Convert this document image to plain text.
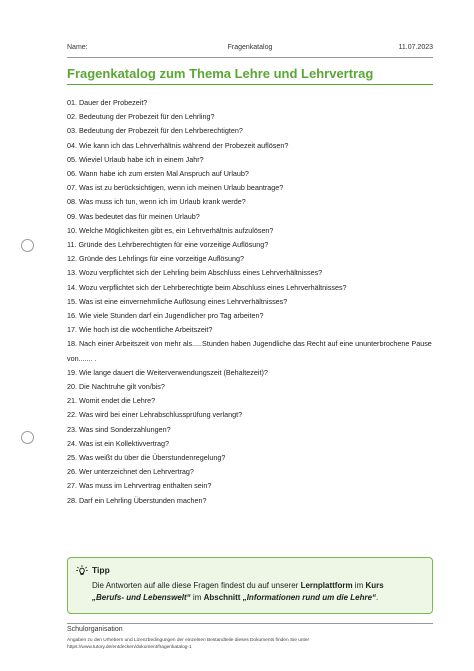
Name:	Fragenkatalog	11.07.2023
Fragenkatalog zum Thema Lehre und Lehrvertrag
01. Dauer der Probezeit?
02. Bedeutung der Probezeit für den Lehrling?
03. Bedeutung der Probezeit für den Lehrberechtigten?
04. Wie kann ich das Lehrverhältnis während der Probezeit auflösen?
05. Wieviel Urlaub habe ich in einem Jahr?
06. Wann habe ich zum ersten Mal Anspruch auf Urlaub?
07. Was ist zu berücksichtigen, wenn ich meinen Urlaub beantrage?
08. Was muss ich tun, wenn ich im Urlaub krank werde?
09. Was bedeutet das für meinen Urlaub?
10. Welche Möglichkeiten gibt es, ein Lehrverhältnis aufzulösen?
11. Gründe des Lehrberechtigten für eine vorzeitige Auflösung?
12. Gründe des Lehrlings für eine vorzeitige Auflösung?
13. Wozu verpflichtet sich der Lehrling beim Abschluss eines Lehrverhältnisses?
14. Wozu verpflichtet sich der Lehrberechtigte beim Abschluss eines Lehrverhältnisses?
15. Was ist eine einvernehmliche Auflösung eines Lehrverhältnisses?
16. Wie viele Stunden darf ein Jugendlicher pro Tag arbeiten?
17. Wie hoch ist die wöchentliche Arbeitszeit?
18. Nach einer Arbeitszeit von mehr als.....Stunden haben Jugendliche das Recht auf eine ununterbrochene Pause von....... .
19. Wie lange dauert die Weiterverwendungszeit (Behaltezeit)?
20. Die Nachtruhe gilt von/bis?
21. Womit endet die Lehre?
22. Was wird bei einer Lehrabschlussprüfung verlangt?
23. Was sind Sonderzahlungen?
24. Was ist ein Kollektivvertrag?
25. Was weißt du über die Überstundenregelung?
26. Wer unterzeichnet den Lehrvertrag?
27. Was muss im Lehrvertrag enthalten sein?
28. Darf ein Lehrling Überstunden machen?
Tipp
Die Antworten auf alle diese Fragen findest du auf unserer Lernplattform im Kurs
„Berufs- und Lebenswelt“ im Abschnitt „Informationen rund um die Lehre“.
Schulorganisation
Angaben zu den Urhebern und Lizenzbedingungen der einzelnen Bestandteile dieses Dokuments finden Sie unter
https://www.tutory.de/entdecken/dokument/fragenkatalog-1
